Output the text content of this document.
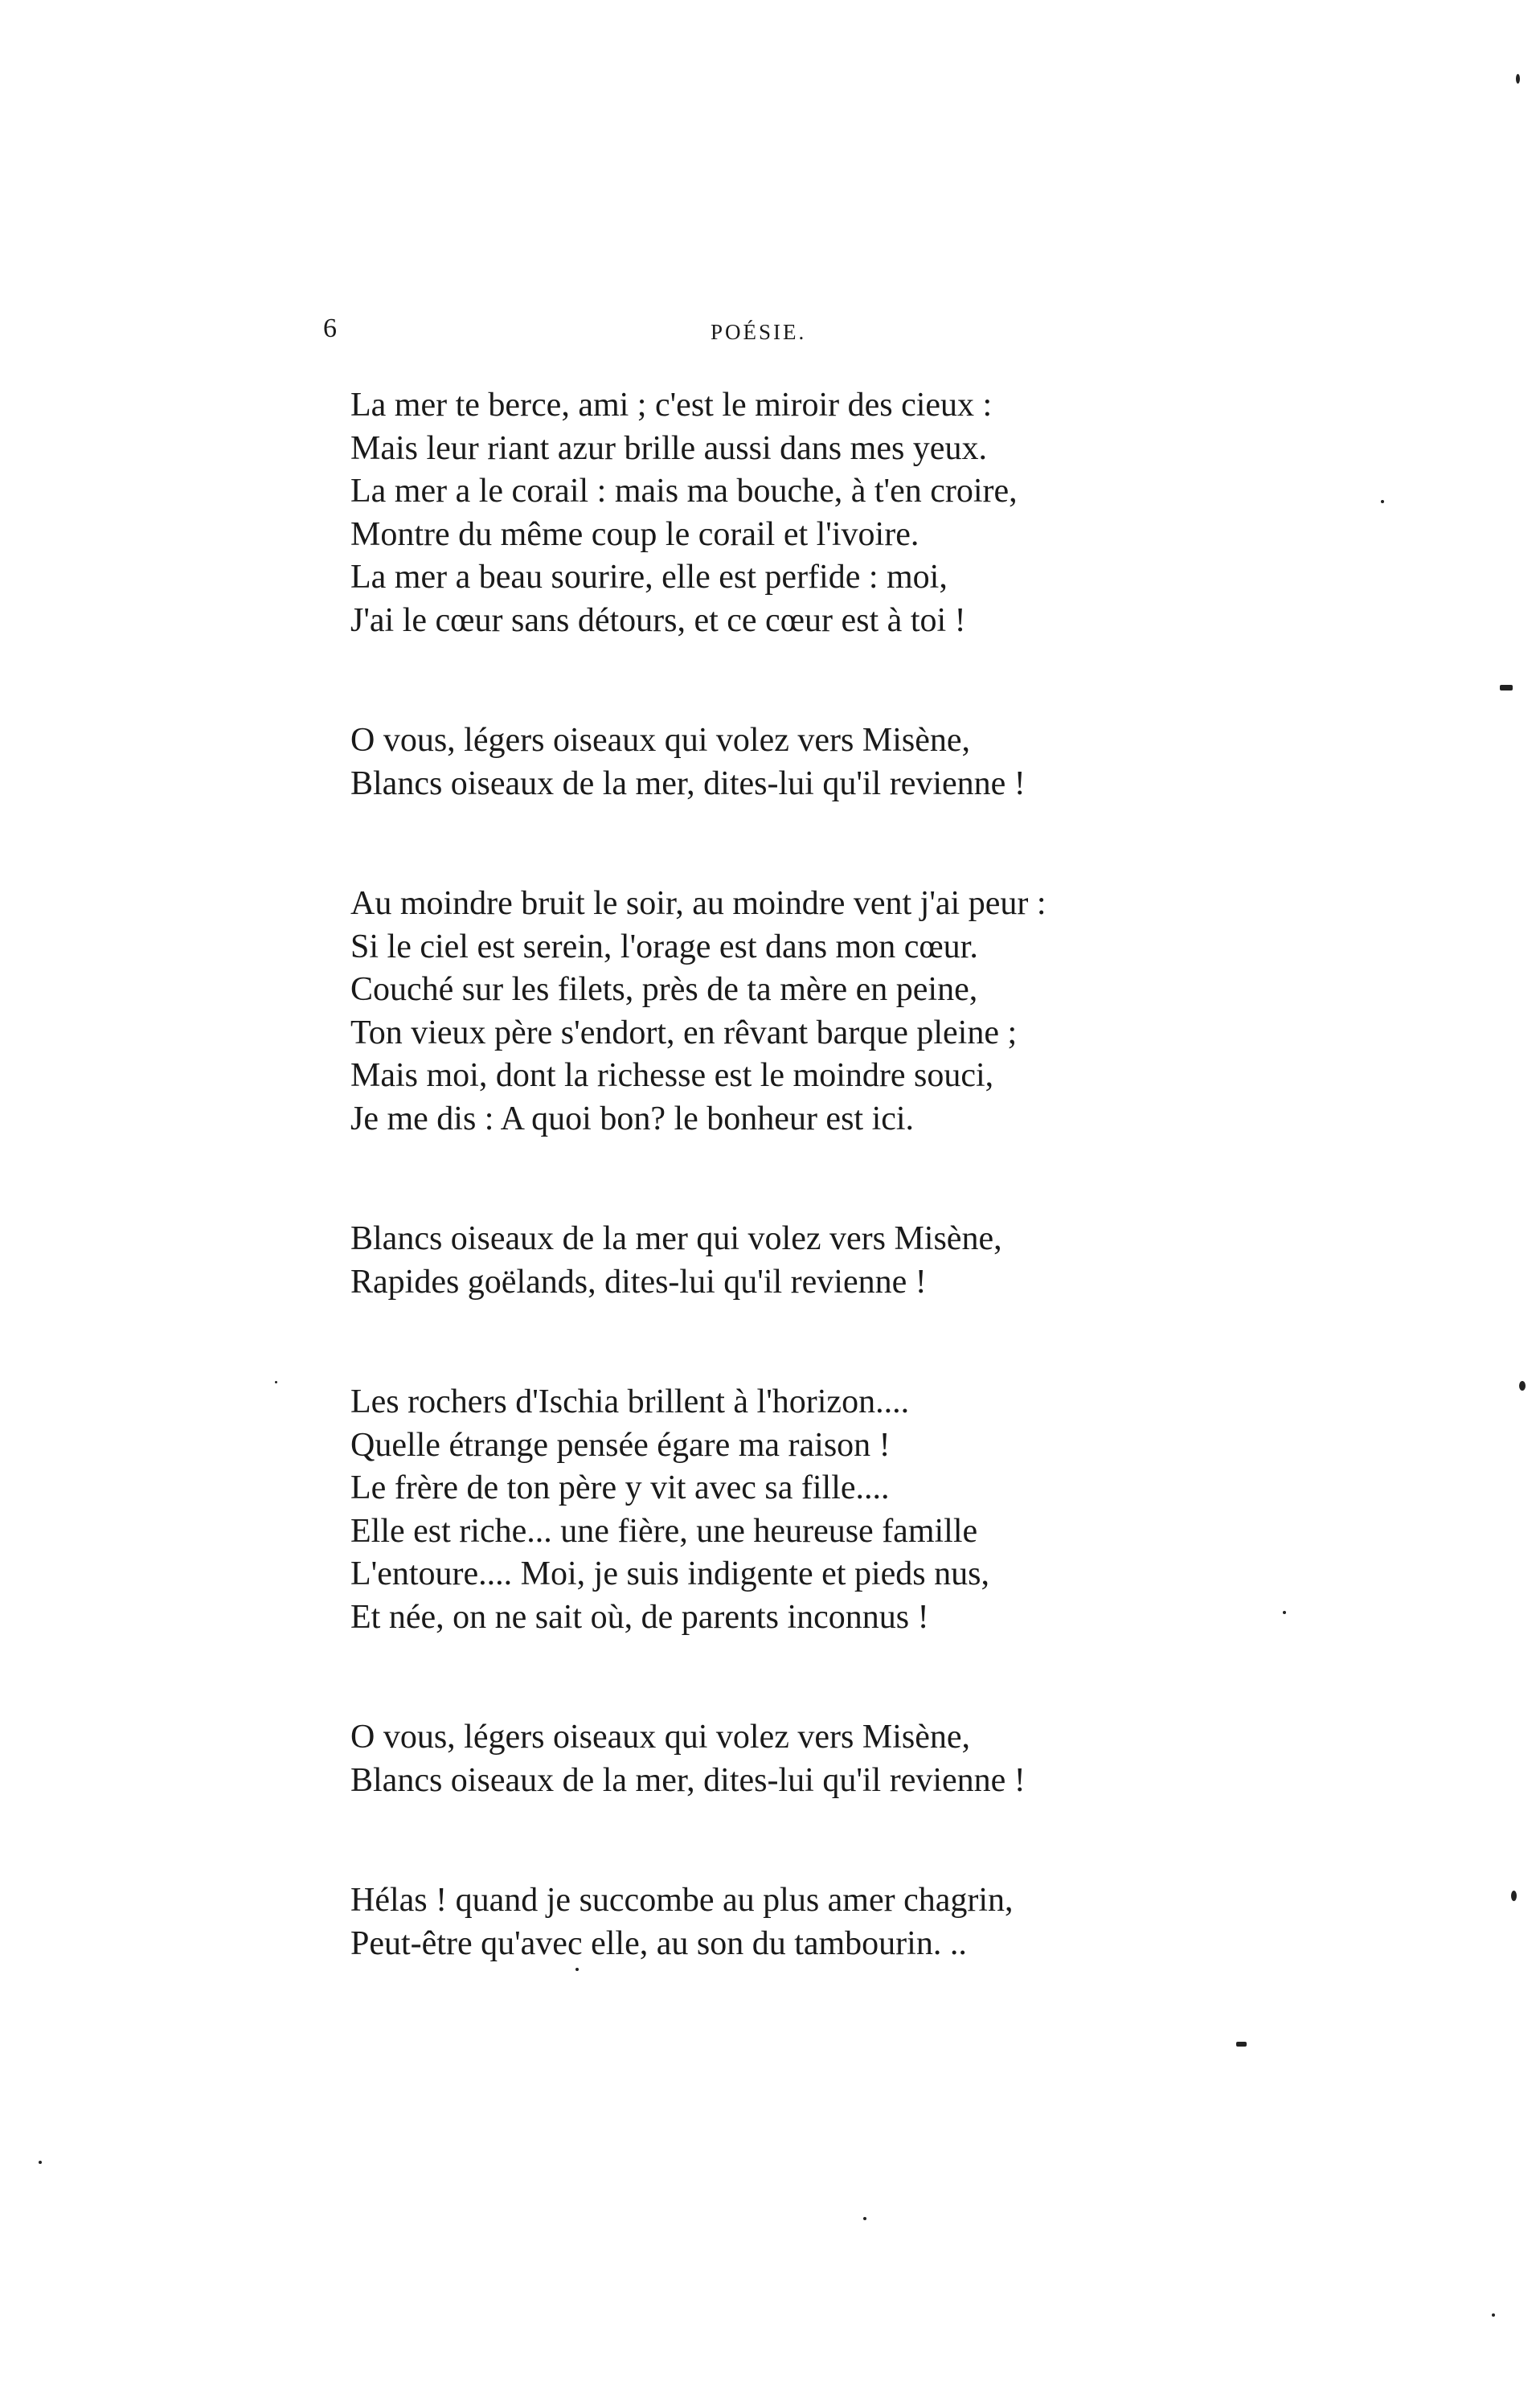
6	POÉSIE.
La mer te berce, ami ; c'est le miroir des cieux :
Mais leur riant azur brille aussi dans mes yeux.
La mer a le corail : mais ma bouche, à t'en croire,
Montre du même coup le corail et l'ivoire.
La mer a beau sourire, elle est perfide : moi,
J'ai le cœur sans détours, et ce cœur est à toi !
O vous, légers oiseaux qui volez vers Misène,
Blancs oiseaux de la mer, dites-lui qu'il revienne !
Au moindre bruit le soir, au moindre vent j'ai peur :
Si le ciel est serein, l'orage est dans mon cœur.
Couché sur les filets, près de ta mère en peine,
Ton vieux père s'endort, en rêvant barque pleine ;
Mais moi, dont la richesse est le moindre souci,
Je me dis : A quoi bon? le bonheur est ici.
Blancs oiseaux de la mer qui volez vers Misène,
Rapides goëlands, dites-lui qu'il revienne !
Les rochers d'Ischia brillent à l'horizon....
Quelle étrange pensée égare ma raison !
Le frère de ton père y vit avec sa fille....
Elle est riche... une fière, une heureuse famille
L'entoure.... Moi, je suis indigente et pieds nus,
Et née, on ne sait où, de parents inconnus !
O vous, légers oiseaux qui volez vers Misène,
Blancs oiseaux de la mer, dites-lui qu'il revienne !
Hélas ! quand je succombe au plus amer chagrin,
Peut-être qu'avec elle, au son du tambourin. ..
